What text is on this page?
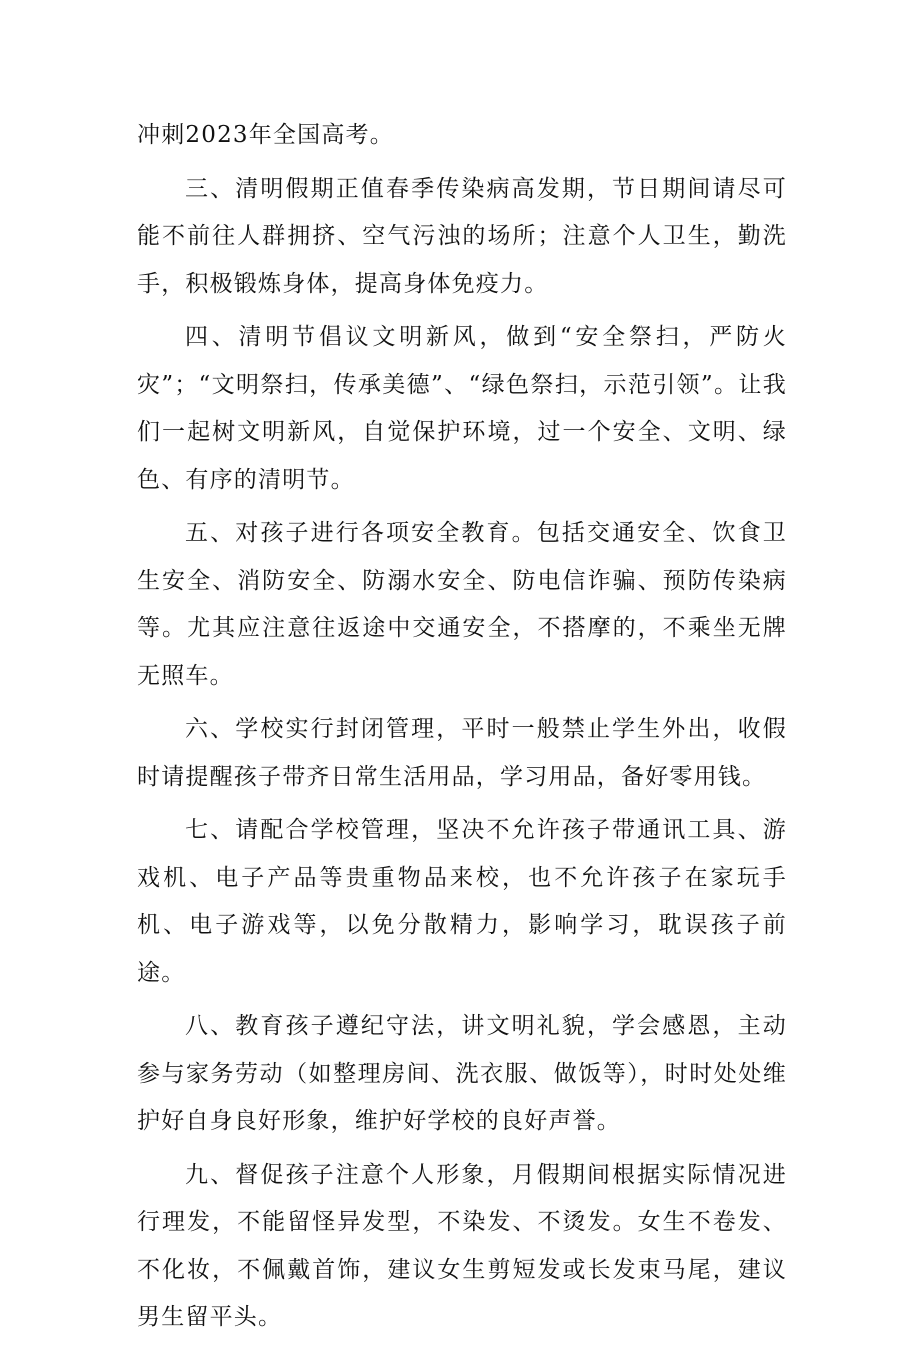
冲刺2023年全国高考。

三、清明假期正值春季传染病高发期，节日期间请尽可能不前往人群拥挤、空气污浊的场所；注意个人卫生，勤洗手，积极锻炼身体，提高身体免疫力。

四、清明节倡议文明新风，做到“安全祭扫，严防火灾”；“文明祭扫，传承美德”、“绿色祭扫，示范引领”。让我们一起树文明新风，自觉保护环境，过一个安全、文明、绿色、有序的清明节。

五、对孩子进行各项安全教育。包括交通安全、饮食卫生安全、消防安全、防溺水安全、防电信诈骗、预防传染病等。尤其应注意往返途中交通安全，不搭摩的，不乘坐无牌无照车。

六、学校实行封闭管理，平时一般禁止学生外出，收假时请提醒孩子带齐日常生活用品，学习用品，备好零用钱。

七、请配合学校管理，坚决不允许孩子带通讯工具、游戏机、电子产品等贵重物品来校，也不允许孩子在家玩手机、电子游戏等，以免分散精力，影响学习，耽误孩子前途。

八、教育孩子遵纪守法，讲文明礼貌，学会感恩，主动参与家务劳动（如整理房间、洗衣服、做饭等），时时处处维护好自身良好形象，维护好学校的良好声誉。

九、督促孩子注意个人形象，月假期间根据实际情况进行理发，不能留怪异发型，不染发、不烫发。女生不卷发、不化妆，不佩戴首饰，建议女生剪短发或长发束马尾，建议男生留平头。
